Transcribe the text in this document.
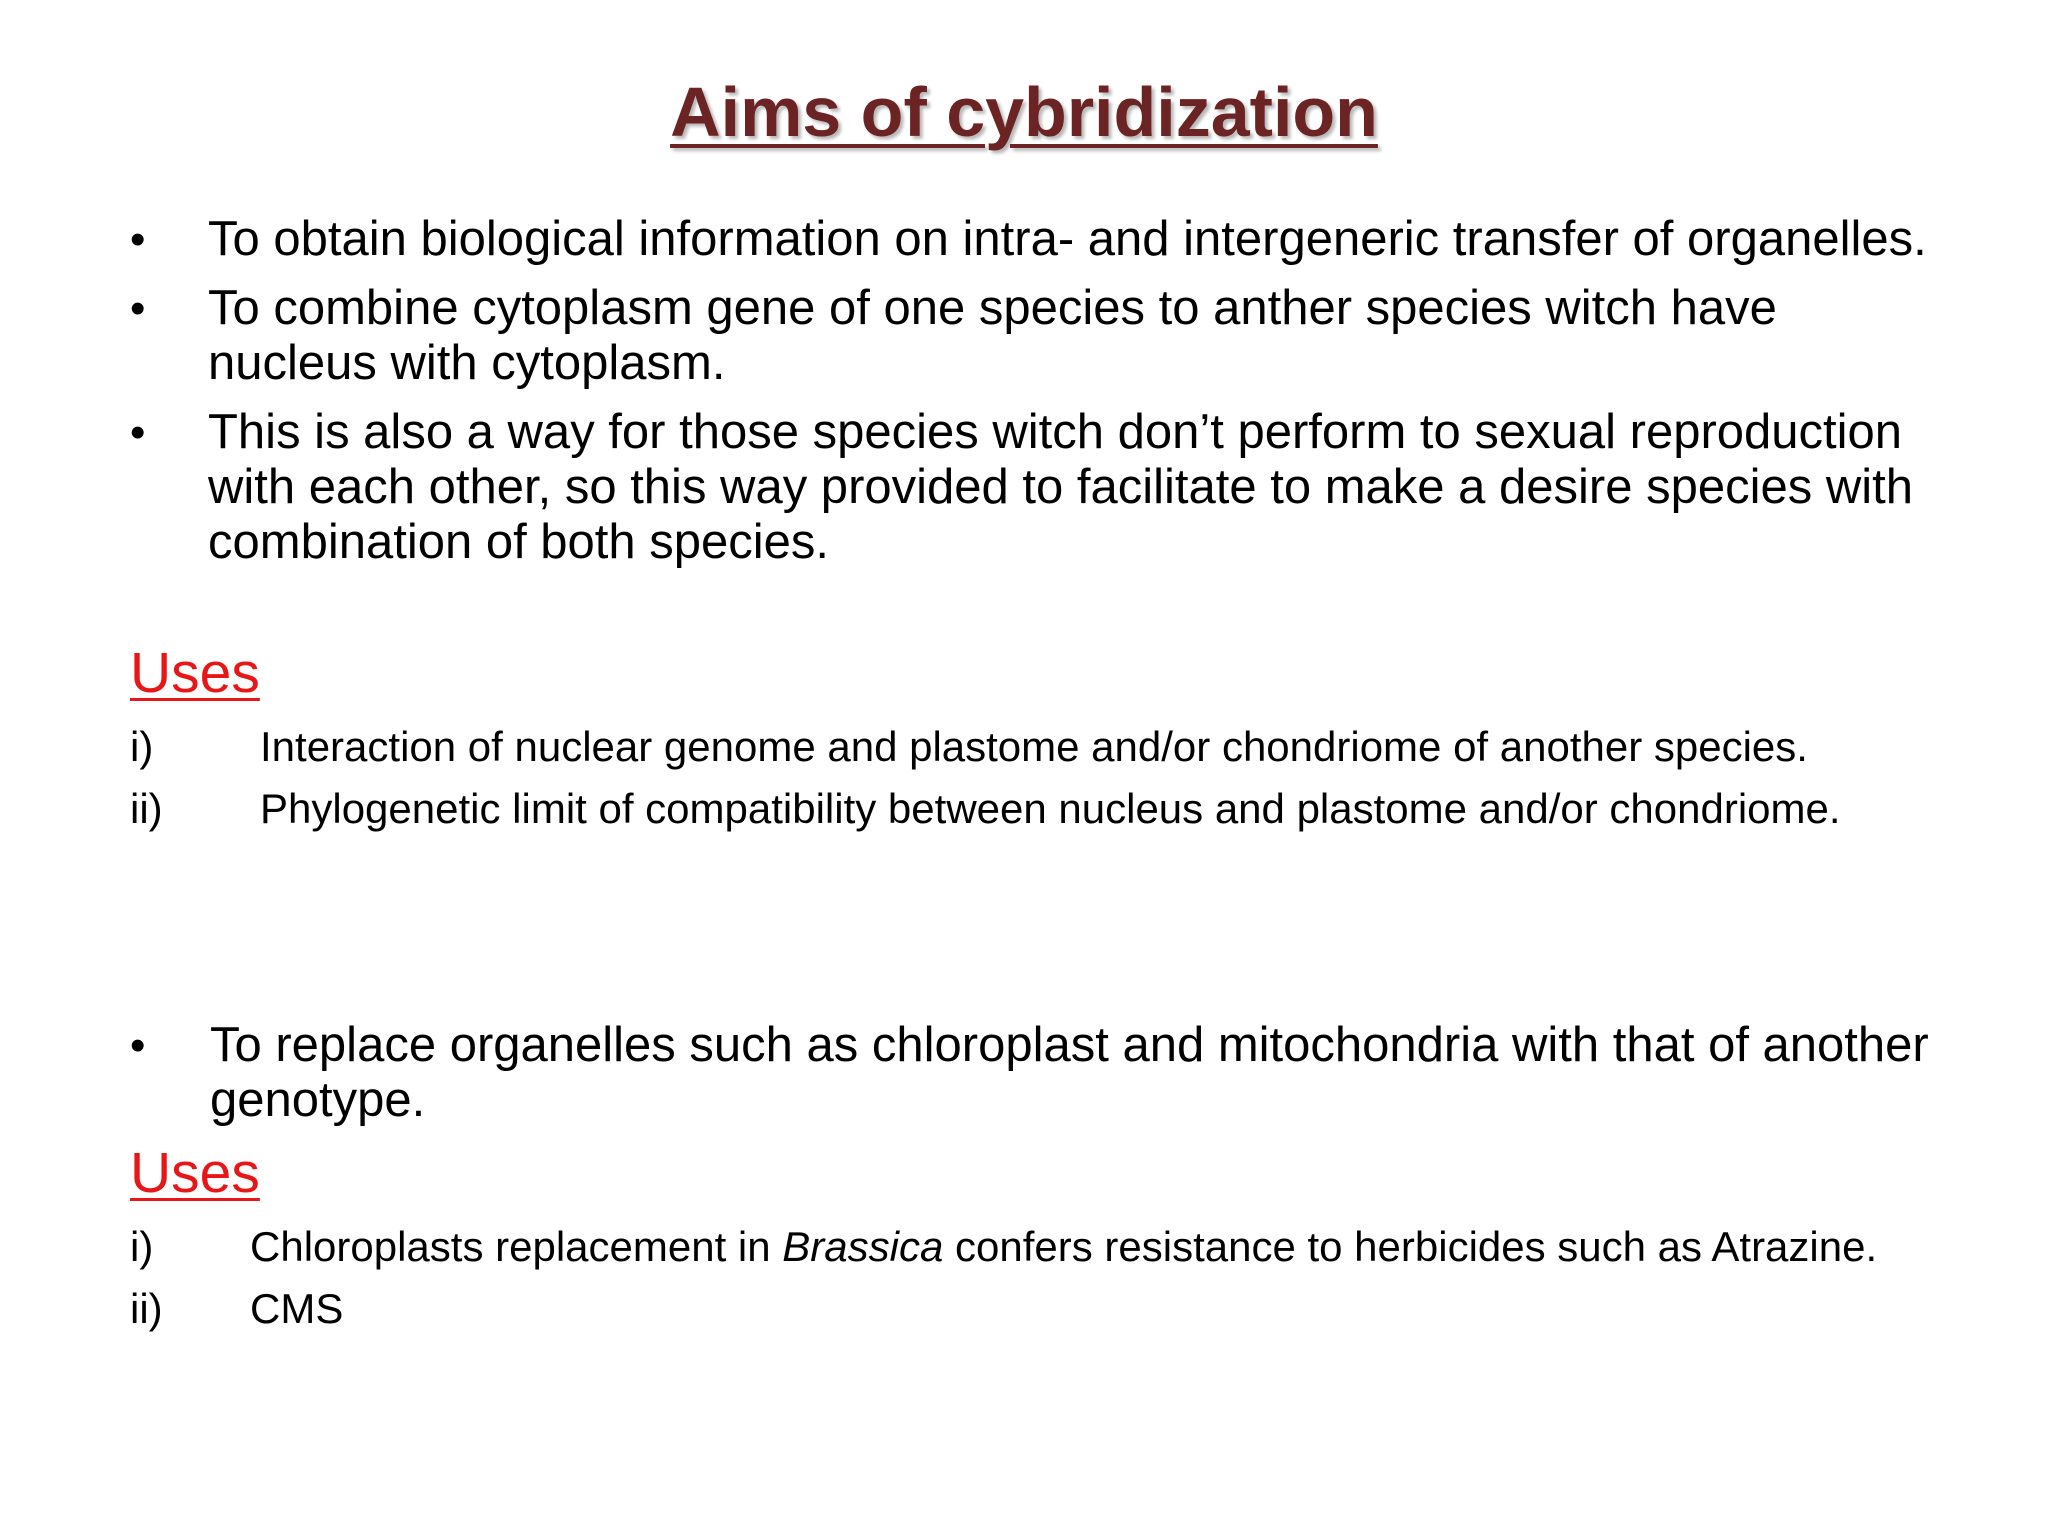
Aims of cybridization
• To obtain biological information on intra- and intergeneric transfer of organelles.
• To combine cytoplasm gene of one species to anther species witch have nucleus with cytoplasm.
• This is also a way for those species witch don’t perform to sexual reproduction with each other, so this way provided to facilitate to make a desire species with combination of both species.
Uses
i)	Interaction of nuclear genome and plastome and/or chondriome of another species.
ii) Phylogenetic limit of compatibility between nucleus and plastome and/or chondriome.
• To replace organelles such as chloroplast and mitochondria with that of another genotype.
Uses
i) Chloroplasts replacement in Brassica confers resistance to herbicides such as Atrazine.
ii) CMS
